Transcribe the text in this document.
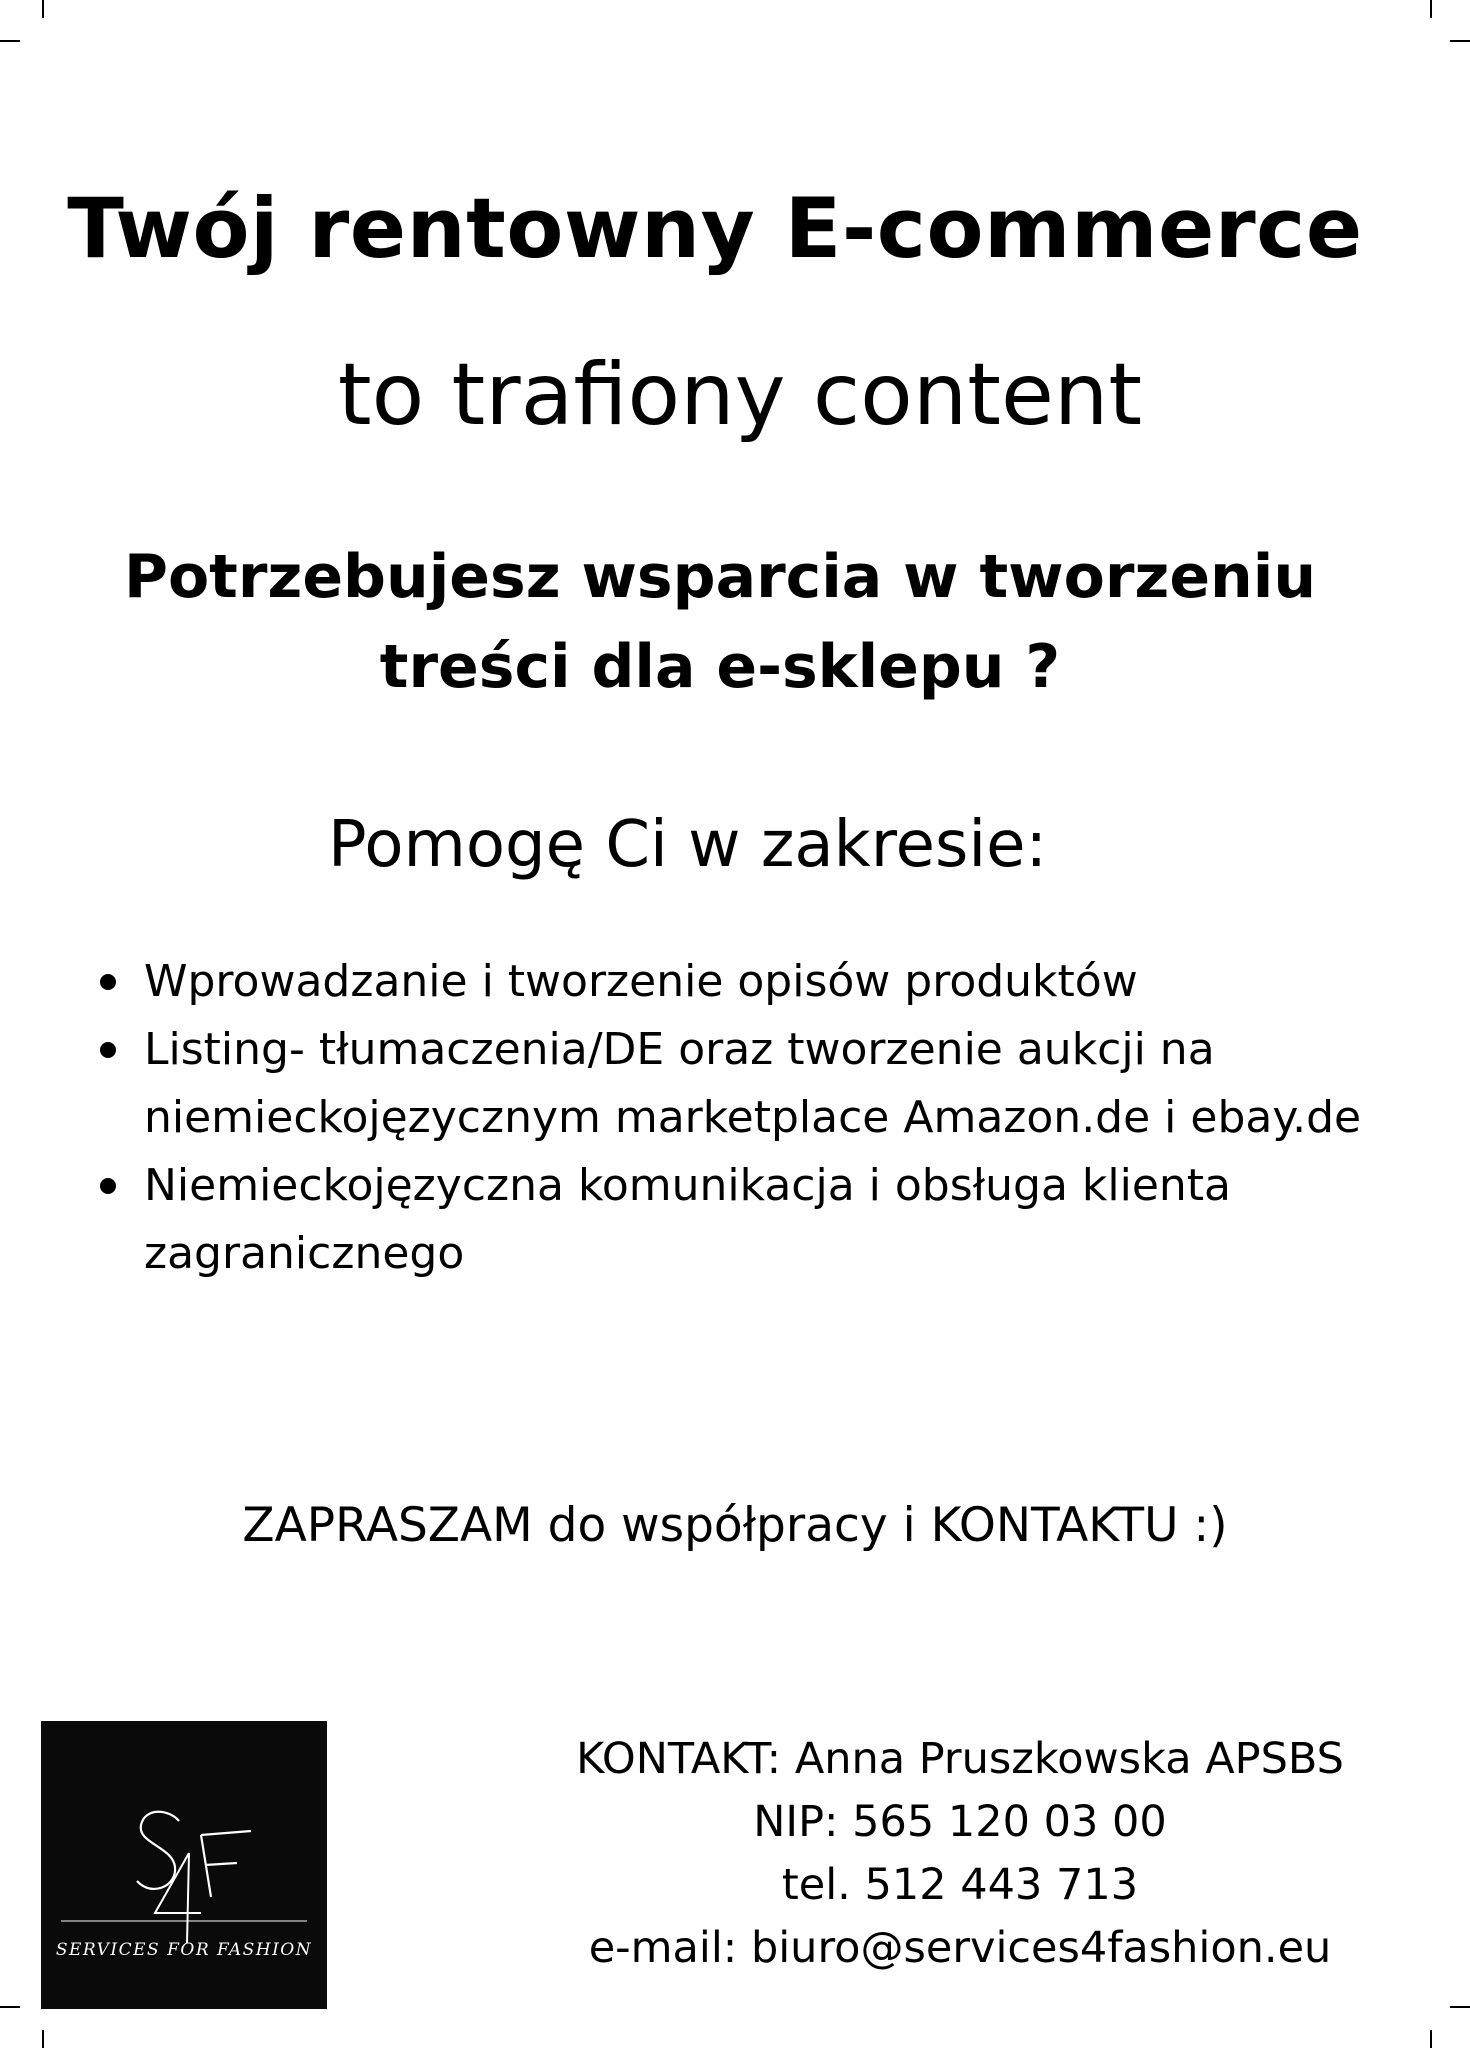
Twój rentowny E-commerce
to trafiony content
Potrzebujesz wsparcia w tworzeniu
treści dla e-sklepu ?

Pomogę Ci w zakresie:

Wprowadzanie i tworzenie opisów produktów
Listing- tłumaczenia/DE oraz tworzenie aukcji na
niemieckojęzycznym marketplace Amazon.de i ebay.de
Niemieckojęzyczna komunikacja i obsługa klienta
zagranicznego

ZAPRASZAM do współpracy i KONTAKTU :)

SERVICES FOR FASHION
KONTAKT: Anna Pruszkowska APSBS
NIP: 565 120 03 00
tel. 512 443 713
e-mail: biuro@services4fashion.eu
